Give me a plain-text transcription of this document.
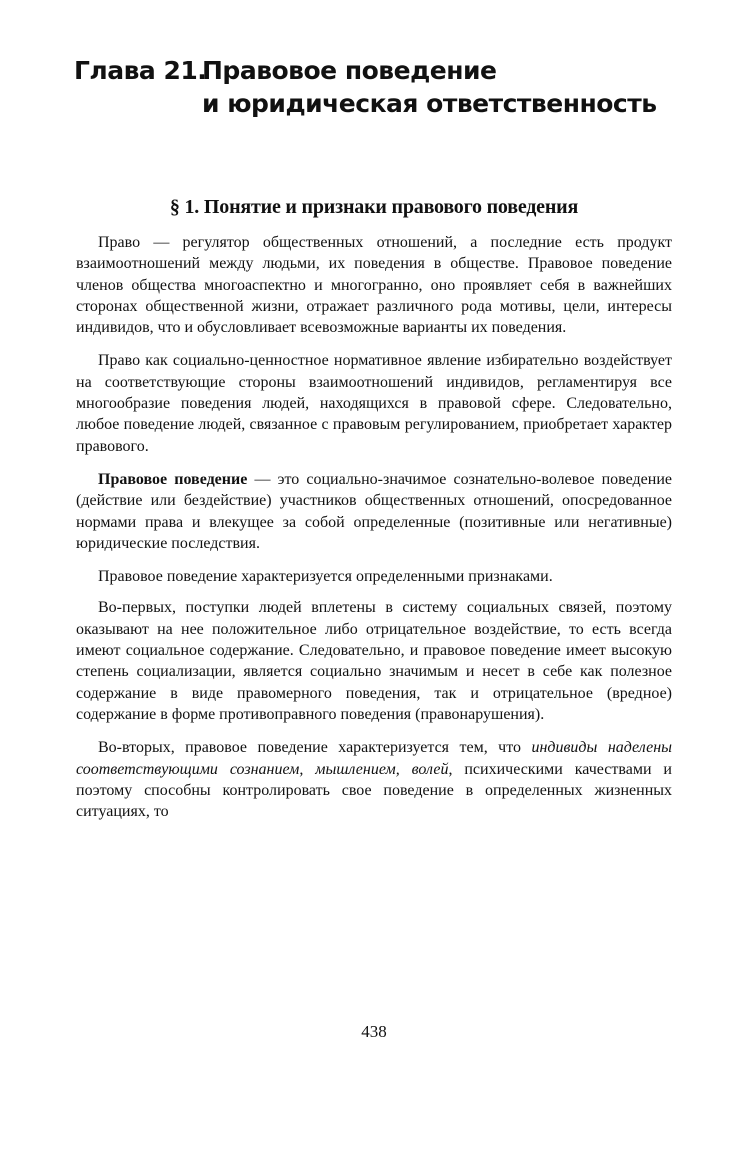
Глава 21.
Правовое поведение
и юридическая ответственность
§ 1. Понятие и признаки правового поведения

Право — регулятор общественных отношений, а последние есть продукт взаимоотношений между людьми, их поведения в обществе. Правовое поведение членов общества многоаспектно и многогранно, оно проявляет себя в важнейших сторонах общественной жизни, отражает различного рода мотивы, цели, интересы индивидов, что и обусловливает всевозможные варианты их поведения.

Право как социально-ценностное нормативное явление избирательно воздействует на соответствующие стороны взаимоотношений индивидов, регламентируя все многообразие поведения людей, находящихся в правовой сфере. Следовательно, любое поведение людей, связанное с правовым регулированием, приобретает характер правового.

Правовое поведение — это социально-значимое сознательно-волевое поведение (действие или бездействие) участников общественных отношений, опосредованное нормами права и влекущее за собой определенные (позитивные или негативные) юридические последствия.

Правовое поведение характеризуется определенными признаками.

Во-первых, поступки людей вплетены в систему социальных связей, поэтому оказывают на нее положительное либо отрицательное воздействие, то есть всегда имеют социальное содержание. Следовательно, и правовое поведение имеет высокую степень социализации, является социально значимым и несет в себе как полезное содержание в виде правомерного поведения, так и отрицательное (вредное) содержание в форме противоправного поведения (правонарушения).

Во-вторых, правовое поведение характеризуется тем, что индивиды наделены соответствующими сознанием, мышлением, волей, психическими качествами и поэтому способны контролировать свое поведение в определенных жизненных ситуациях, то

438
